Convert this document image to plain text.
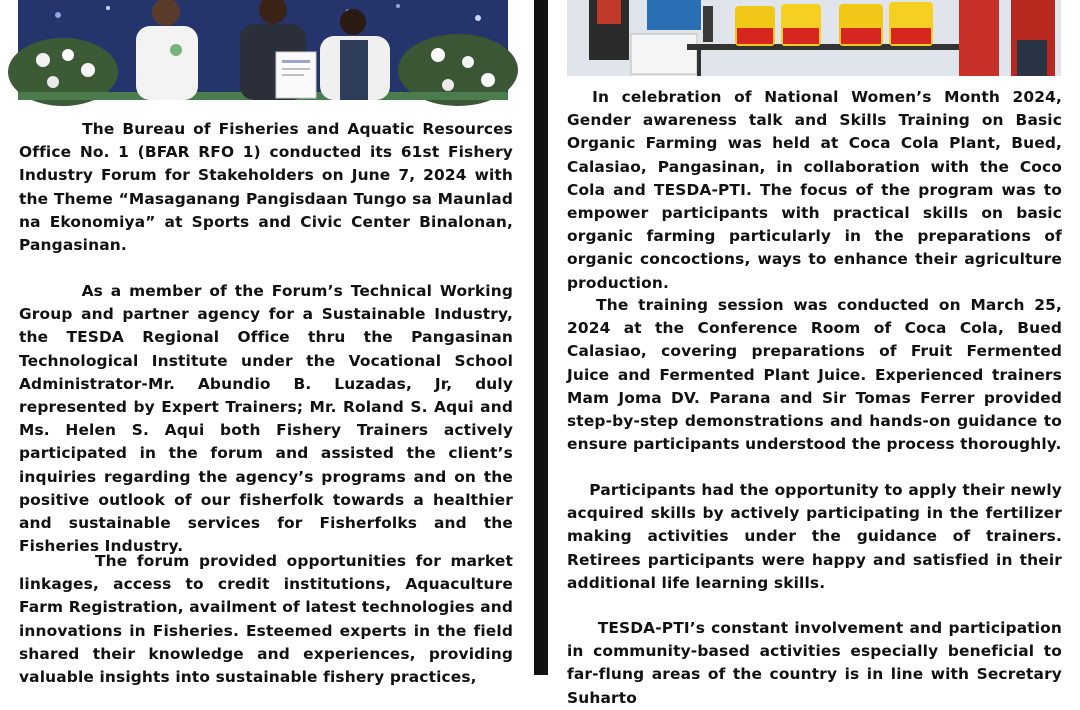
The Bureau of Fisheries and Aquatic Resources Office No. 1 (BFAR RFO 1) conducted its 61st Fishery Industry Forum for Stakeholders on June 7, 2024 with the Theme “Masaganang Pangisdaan Tungo sa Maunlad na Ekonomiya” at Sports and Civic Center Binalonan, Pangasinan.

As a member of the Forum’s Technical Working Group and partner agency for a Sustainable Industry, the TESDA Regional Office thru the Pangasinan Technological Institute under the Vocational School Administrator-Mr. Abundio B. Luzadas, Jr, duly represented by Expert Trainers; Mr. Roland S. Aqui and Ms. Helen S. Aqui both Fishery Trainers actively participated in the forum and assisted the client’s inquiries regarding the agency’s programs and on the positive outlook of our fisherfolk towards a healthier and sustainable services for Fisherfolks and the Fisheries Industry.

The forum provided opportunities for market linkages, access to credit institutions, Aquaculture Farm Registration, availment of latest technologies and innovations in Fisheries. Esteemed experts in the field shared their knowledge and experiences, providing valuable insights into sustainable fishery practices,

In celebration of National Women’s Month 2024, Gender awareness talk and Skills Training on Basic Organic Farming was held at Coca Cola Plant, Bued, Calasiao, Pangasinan, in collaboration with the Coco Cola and TESDA-PTI. The focus of the program was to empower participants with practical skills on basic organic farming particularly in the preparations of organic concoctions, ways to enhance their agriculture production.

The training session was conducted on March 25, 2024 at the Conference Room of Coca Cola, Bued Calasiao, covering preparations of Fruit Fermented Juice and Fermented Plant Juice. Experienced trainers Mam Joma DV. Parana and Sir Tomas Ferrer provided step-by-step demonstrations and hands-on guidance to ensure participants understood the process thoroughly.

Participants had the opportunity to apply their newly acquired skills by actively participating in the fertilizer making activities under the guidance of trainers. Retirees participants were happy and satisfied in their additional life learning skills.

TESDA-PTI’s constant involvement and participation in community-based activities especially beneficial to far-flung areas of the country is in line with Secretary Suharto
